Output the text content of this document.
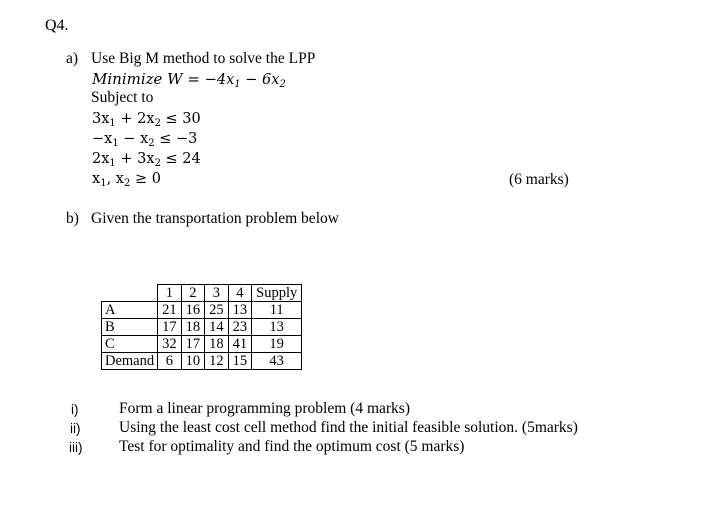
Q4.
a) Use Big M method to solve the LPP
Minimize $W = -4x_1 - 6x_2$
Subject to
$3x_1 + 2x_2 \le 30$
$-x_1 - x_2 \le -3$
$2x_1 + 3x_2 \le 24$
$x_1$, $x_2 \ge 0$	(6 marks)
b) Given the transportation problem below
	1	2	3	4	Supply
A	21	16	25	13	11
B	17	18	14	23	13
C	32	17	18	41	19
Demand	6	10	12	15	43
i)	Form a linear programming problem (4 marks)
ii) Using the least cost cell method find the initial feasible solution. (5marks)
iii) Test for optimality and find the optimum cost (5 marks)
